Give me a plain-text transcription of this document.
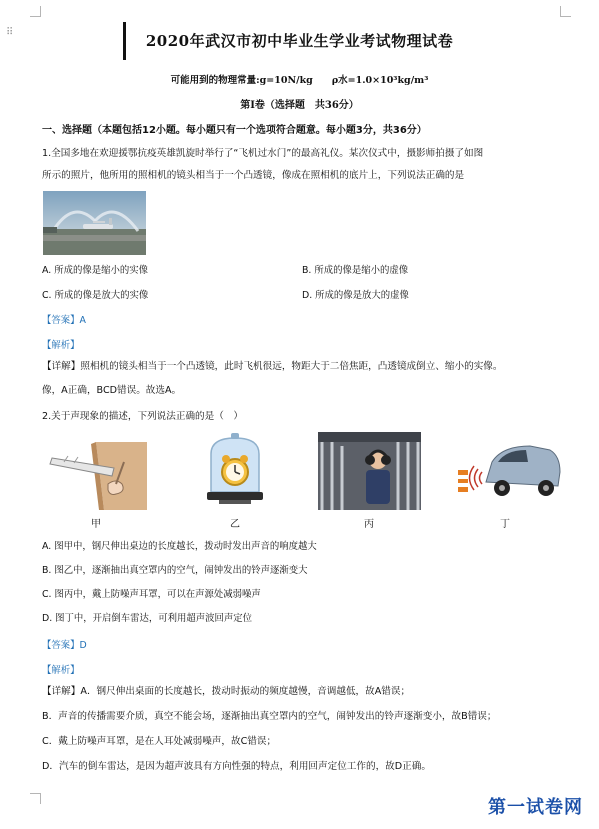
⠿	2020年武汉市初中毕业生学业考试物理试卷
可能用到的物理常量:g=10N/kg　　ρ水=1.0×10³kg/m³
第Ⅰ卷（选择题　共36分）
一、选择题（本题包括12小题。每小题只有一个选项符合题意。每小题3分，共36分）
1.全国多地在欢迎援鄂抗疫英雄凯旋时举行了“飞机过水门”的最高礼仪。某次仪式中，摄影师拍摄了如图
所示的照片，他所用的照相机的镜头相当于一个凸透镜，像成在照相机的底片上，下列说法正确的是
A. 所成的像是缩小的实像	B. 所成的像是缩小的虚像
C. 所成的像是放大的实像	D. 所成的像是放大的虚像
【答案】A
【解析】
【详解】照相机的镜头相当于一个凸透镜，此时飞机很远，物距大于二倍焦距，凸透镜成倒立、缩小的实像。
像，A正确，BCD错误。故选A。
2.关于声现象的描述，下列说法正确的是（　）
甲	乙	丙	丁
A. 图甲中，钢尺伸出桌边的长度越长，拨动时发出声音的响度越大
B. 图乙中，逐渐抽出真空罩内的空气，闹钟发出的铃声逐渐变大
C. 图丙中，戴上防噪声耳罩，可以在声源处减弱噪声
D. 图丁中，开启倒车雷达，可利用超声波回声定位
【答案】D
【解析】
【详解】A．钢尺伸出桌面的长度越长，拨动时振动的频度越慢，音调越低，故A错误；
B．声音的传播需要介质，真空不能会场，逐渐抽出真空罩内的空气，闹钟发出的铃声逐渐变小，故B错误；
C．戴上防噪声耳罩，是在人耳处减弱噪声，故C错误；
D．汽车的倒车雷达，是因为超声波具有方向性强的特点，利用回声定位工作的，故D正确。
第一试卷网
